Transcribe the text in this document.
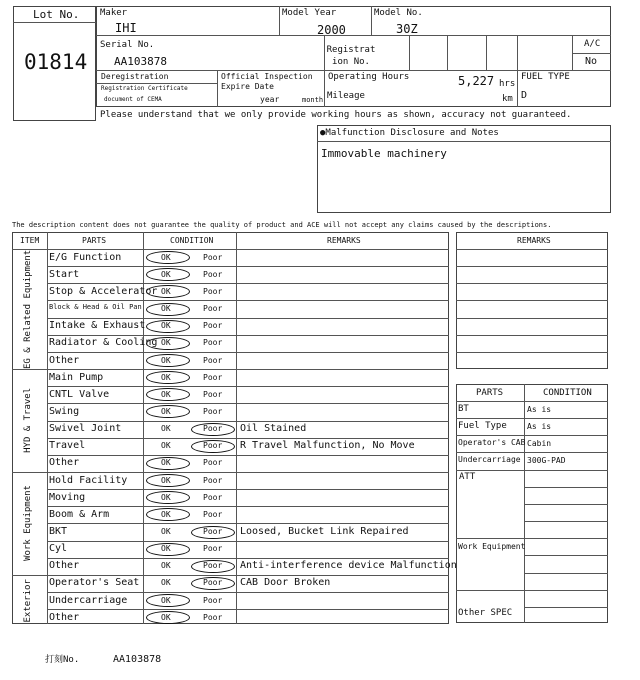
Lot No.
01814
Maker
IHI
Model Year
2000
Model No.
30Z
Serial No.
AA103878
Registration No.
A/C
No
Deregistration
Registration Certificate
document of CEMA
Official Inspection Expire Date
year	month
Operating Hours	5,227 hrs
Mileage	km
FUEL TYPE
D
Please understand that we only provide working hours as shown, accuracy not guaranteed.
●Malfunction Disclosure and Notes
Immovable machinery
The description content does not guarantee the quality of product and ACE will not accept any claims caused by the descriptions.
ITEM	PARTS	CONDITION	REMARKS
E/G Function	OK	Poor
Start	OK	Poor
Stop & Accelerator OK	Poor
Block & Head & Oil Pan OK	Poor
Intake & Exhaust OK	Poor
Radiator & Cooling OK	Poor
Other	OK	Poor
EG & Related Equipment
Main Pump	OK	Poor
CNTL Valve	OK	Poor
Swing	OK	Poor
Swivel Joint	OK	Poor Oil Stained
Travel	OK	Poor R Travel Malfunction, No Move
Other	OK	Poor
HYD & Travel
Hold Facility	OK	Poor
Moving	OK	Poor
Boom & Arm	OK	Poor
BKT	OK	Poor Loosed, Bucket Link Repaired
Cyl	OK	Poor
Other	OK	Poor Anti-interference device Malfunction
Work Equipment
Operator's Seat	OK	Poor CAB Door Broken
Undercarriage	OK	Poor
Other	OK	Poor
Exterior
REMARKS
PARTS	CONDITION
BT	As is
Fuel Type	As is
Operator's CAB Cabin
Undercarriage 300G-PAD
ATT
Work Equipment
Other SPEC
打刻No.	AA103878
